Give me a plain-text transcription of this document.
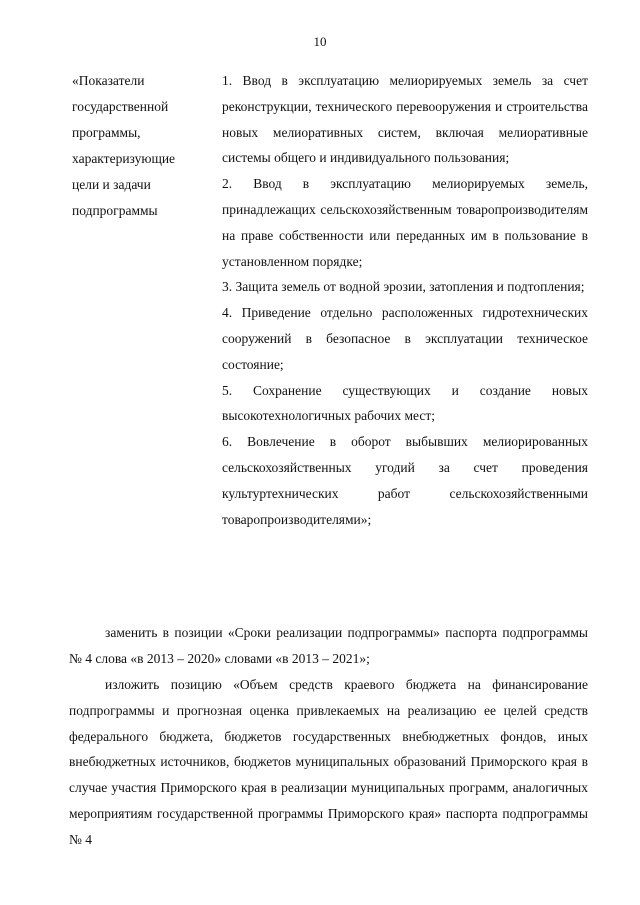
10
«Показатели
государственной
программы,
характеризующие
цели и задачи
подпрограммы

1. Ввод в эксплуатацию мелиорируемых земель за счет реконструкции, технического перевооружения и строительства новых мелиоративных систем, включая мелиоративные системы общего и индивидуального пользования;

2. Ввод в эксплуатацию мелиорируемых земель, принадлежащих сельскохозяйственным товаропроизводителям на праве собственности или переданных им в пользование в установленном порядке;

3. Защита земель от водной эрозии, затопления и подтопления;

4. Приведение отдельно расположенных гидротехнических сооружений в безопасное в эксплуатации техническое состояние;

5. Сохранение существующих и создание новых высокотехнологичных рабочих мест;

6. Вовлечение в оборот выбывших мелиорированных сельскохозяйственных угодий за счет проведения культуртехнических работ сельскохозяйственными товаропроизводителями»;

заменить в позиции «Сроки реализации подпрограммы» паспорта подпрограммы № 4 слова «в 2013 – 2020» словами «в 2013 – 2021»;

изложить позицию «Объем средств краевого бюджета на финансирование подпрограммы и прогнозная оценка привлекаемых на реализацию ее целей средств федерального бюджета, бюджетов государственных внебюджетных фондов, иных внебюджетных источников, бюджетов муниципальных образований Приморского края в случае участия Приморского края в реализации муниципальных программ, аналогичных мероприятиям государственной программы Приморского края» паспорта подпрограммы № 4
